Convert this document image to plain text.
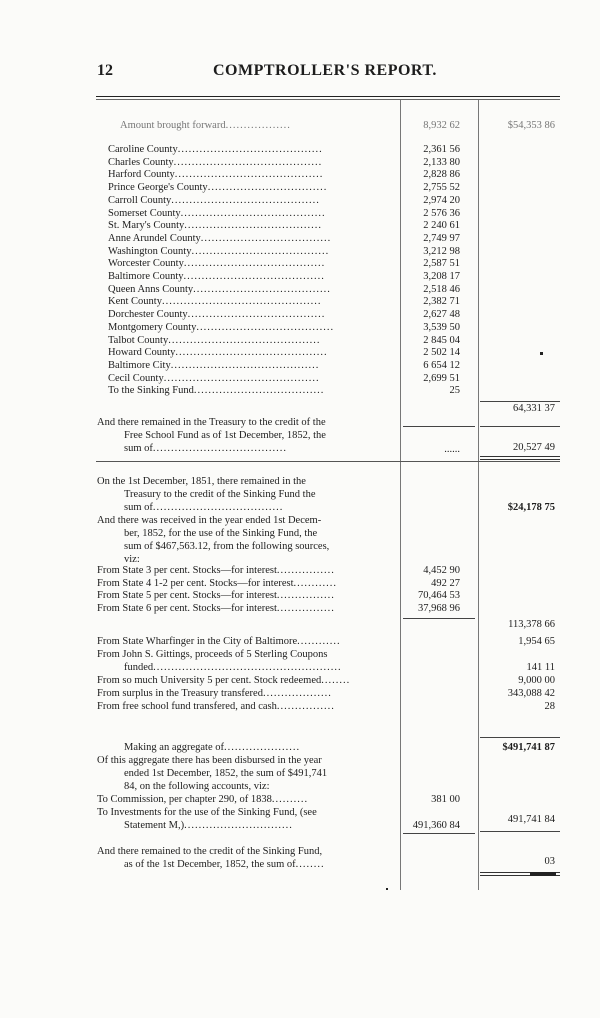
12	COMPTROLLER'S REPORT.
Amount brought forward..................	8,932 62	$54,353 86
Caroline County........................................	2,361 56
Charles County.........................................	2,133 80
Harford County.........................................	2,828 86
Prince George's County.................................	2,755 52
Carroll County.........................................	2,974 20
Somerset County........................................	2 576 36
St. Mary's County......................................	2 240 61
Anne Arundel County....................................	2,749 97
Washington County......................................	3,212 98
Worcester County.......................................	2,587 51
Baltimore County.......................................	3,208 17
Queen Anns County......................................	2,518 46
Kent County............................................	2,382 71
Dorchester County......................................	2,627 48
Montgomery County......................................	3,539 50
Talbot County..........................................	2 845 04
Howard County..........................................	2 502 14
Baltimore City.........................................	6 654 12
Cecil County...........................................	2,699 51
To the Sinking Fund....................................	25
64,331 37
And there remained in the Treasury to the credit of the
Free School Fund as of 1st December, 1852, the
sum of.....................................	......	20,527 49
On the 1st December, 1851, there remained in the
Treasury to the credit of the Sinking Fund the
sum of....................................	$24,178 75
And there was received in the year ended 1st Decem-
ber, 1852, for the use of the Sinking Fund, the
sum of $467,563.12, from the following sources,
viz:
From State 3 per cent. Stocks—for interest................	4,452 90
From State 4 1-2 per cent. Stocks—for interest............	492 27
From State 5 per cent. Stocks—for interest................	70,464 53
From State 6 per cent. Stocks—for interest................	37,968 96
113,378 66
From State Wharfinger in the City of Baltimore............	1,954 65
From John S. Gittings, proceeds of 5 Sterling Coupons
funded....................................................	141 11
From so much University 5 per cent. Stock redeemed........	9,000 00
From surplus in the Treasury transfered...................	343,088 42
From free school fund transfered, and cash................	28
Making an aggregate of.....................	$491,741 87
Of this aggregate there has been disbursed in the year
ended 1st December, 1852, the sum of $491,741
84, on the following accounts, viz:
To Commission, per chapter 290, of 1838..........	381 00
To Investments for the use of the Sinking Fund, (see
Statement M,)..............................	491,360 84
491,741 84
And there remained to the credit of the Sinking Fund,
as of the 1st December, 1852, the sum of........	03
